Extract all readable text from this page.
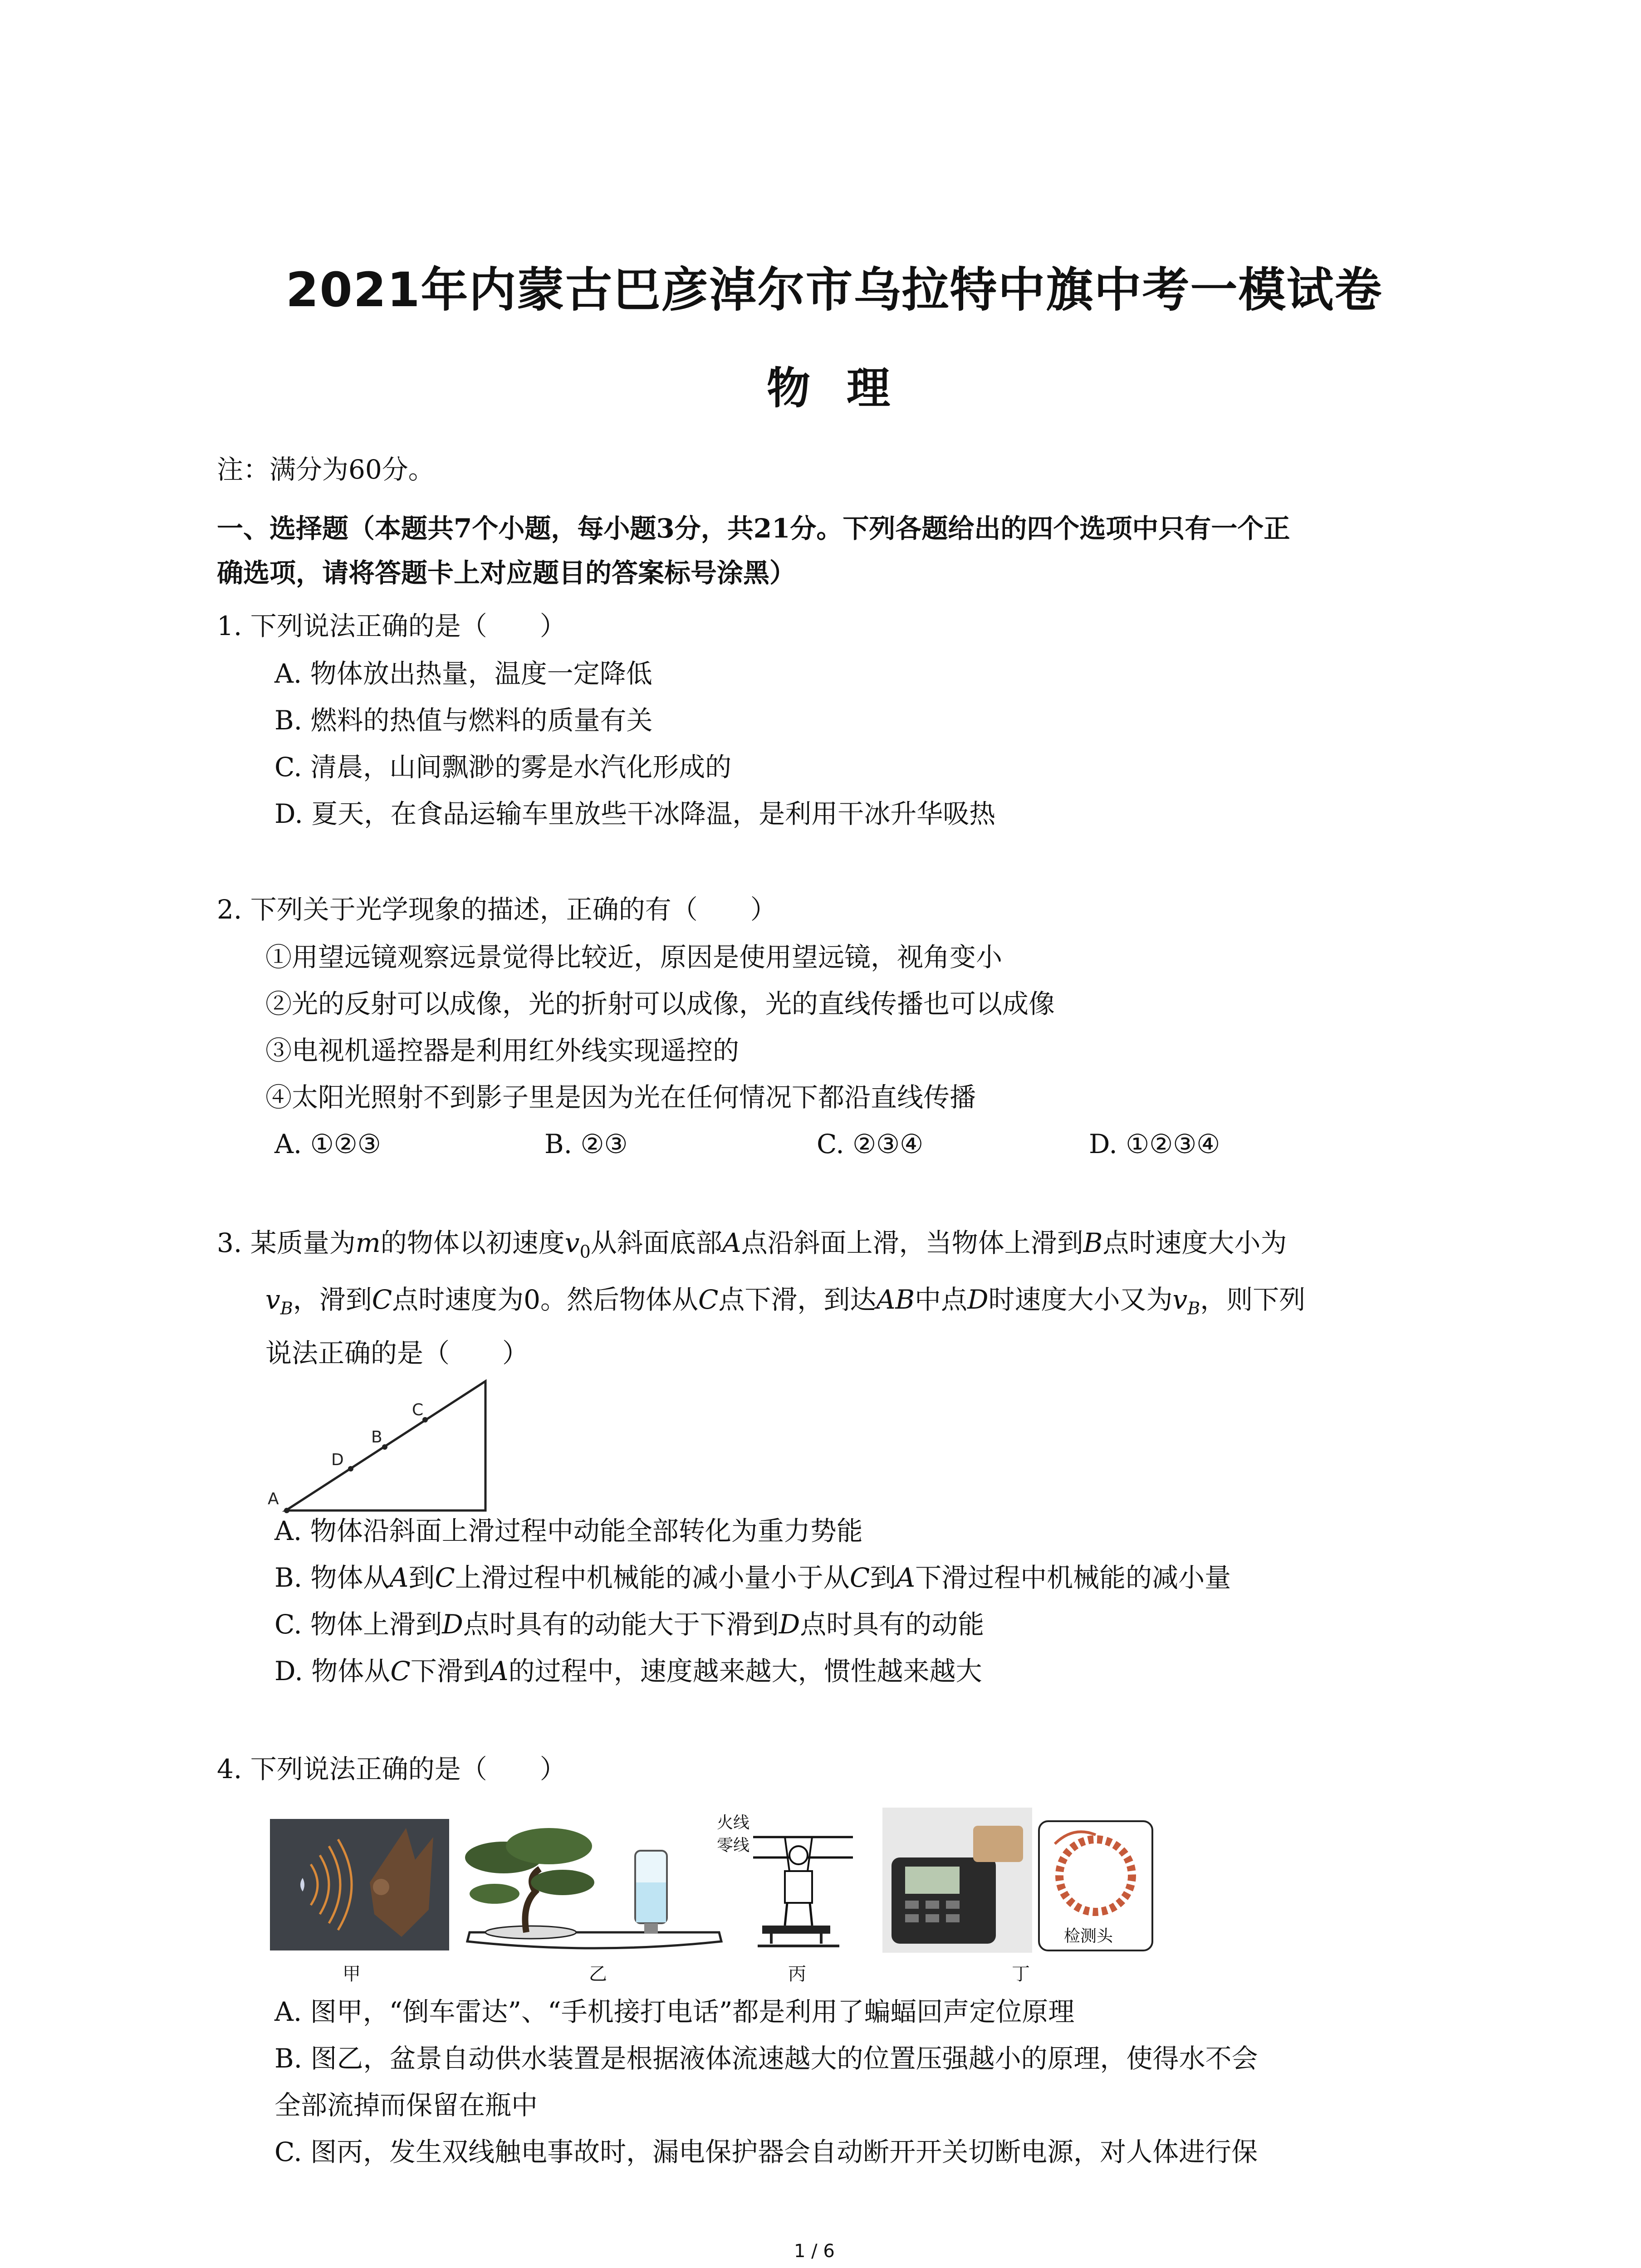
2021年内蒙古巴彦淖尔市乌拉特中旗中考一模试卷
物理
注：满分为60分。
一、选择题（本题共7个小题，每小题3分，共21分。下列各题给出的四个选项中只有一个正
确选项，请将答题卡上对应题目的答案标号涂黑）
1. 下列说法正确的是（　　）
A. 物体放出热量，温度一定降低
B. 燃料的热值与燃料的质量有关
C. 清晨，山间飘渺的雾是水汽化形成的
D. 夏天，在食品运输车里放些干冰降温，是利用干冰升华吸热
2. 下列关于光学现象的描述，正确的有（　　）
①用望远镜观察远景觉得比较近，原因是使用望远镜，视角变小
②光的反射可以成像，光的折射可以成像，光的直线传播也可以成像
③电视机遥控器是利用红外线实现遥控的
④太阳光照射不到影子里是因为光在任何情况下都沿直线传播
A. ①②③	B. ②③	C. ②③④	D. ①②③④
3. 某质量为m的物体以初速度$v_0$从斜面底部A点沿斜面上滑，当物体上滑到B点时速度大小为
$v_B$，滑到C点时速度为0。然后物体从C点下滑，到达AB中点D时速度大小又为$v_B$，则下列
说法正确的是（　　）
A
D
B
C
A. 物体沿斜面上滑过程中动能全部转化为重力势能
B. 物体从A到C上滑过程中机械能的减小量小于从C到A下滑过程中机械能的减小量
C. 物体上滑到D点时具有的动能大于下滑到D点时具有的动能
D. 物体从C下滑到A的过程中，速度越来越大，惯性越来越大
4. 下列说法正确的是（　　）
甲	乙
火线
零线
丙
检测头
丁
A. 图甲，“倒车雷达”、“手机接打电话”都是利用了蝙蝠回声定位原理
B. 图乙，盆景自动供水装置是根据液体流速越大的位置压强越小的原理，使得水不会
全部流掉而保留在瓶中
C. 图丙，发生双线触电事故时，漏电保护器会自动断开开关切断电源，对人体进行保
1 / 6
